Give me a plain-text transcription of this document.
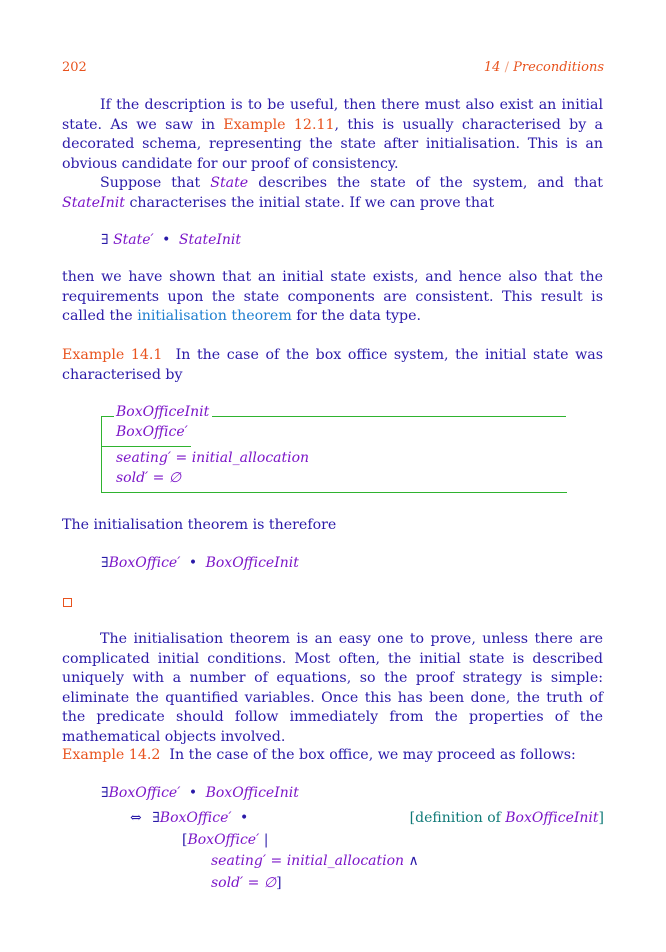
202	14 / Preconditions
If the description is to be useful, then there must also exist an initial state. As we saw in Example 12.11, this is usually characterised by a decorated schema, representing the state after initialisation. This is an obvious candidate for our proof of consistency.
Suppose that State describes the state of the system, and that StateInit characterises the initial state. If we can prove that
∃ State′ • StateInit
then we have shown that an initial state exists, and hence also that the requirements upon the state components are consistent. This result is called the initialisation theorem for the data type.
Example 14.1 In the case of the box office system, the initial state was characterised by
BoxOfficeInit
BoxOffice′
seating′ = initial_allocation
sold′ = ∅
The initialisation theorem is therefore
∃BoxOffice′ • BoxOfficeInit
The initialisation theorem is an easy one to prove, unless there are complicated initial conditions. Most often, the initial state is described uniquely with a number of equations, so the proof strategy is simple: eliminate the quantified variables. Once this has been done, the truth of the predicate should follow immediately from the properties of the mathematical objects involved.
Example 14.2 In the case of the box office, we may proceed as follows:
∃BoxOffice′ • BoxOfficeInit
⇔ ∃BoxOffice′ •	[definition of BoxOfficeInit]
[BoxOffice′ |
seating′ = initial_allocation ∧
sold′ = ∅]
